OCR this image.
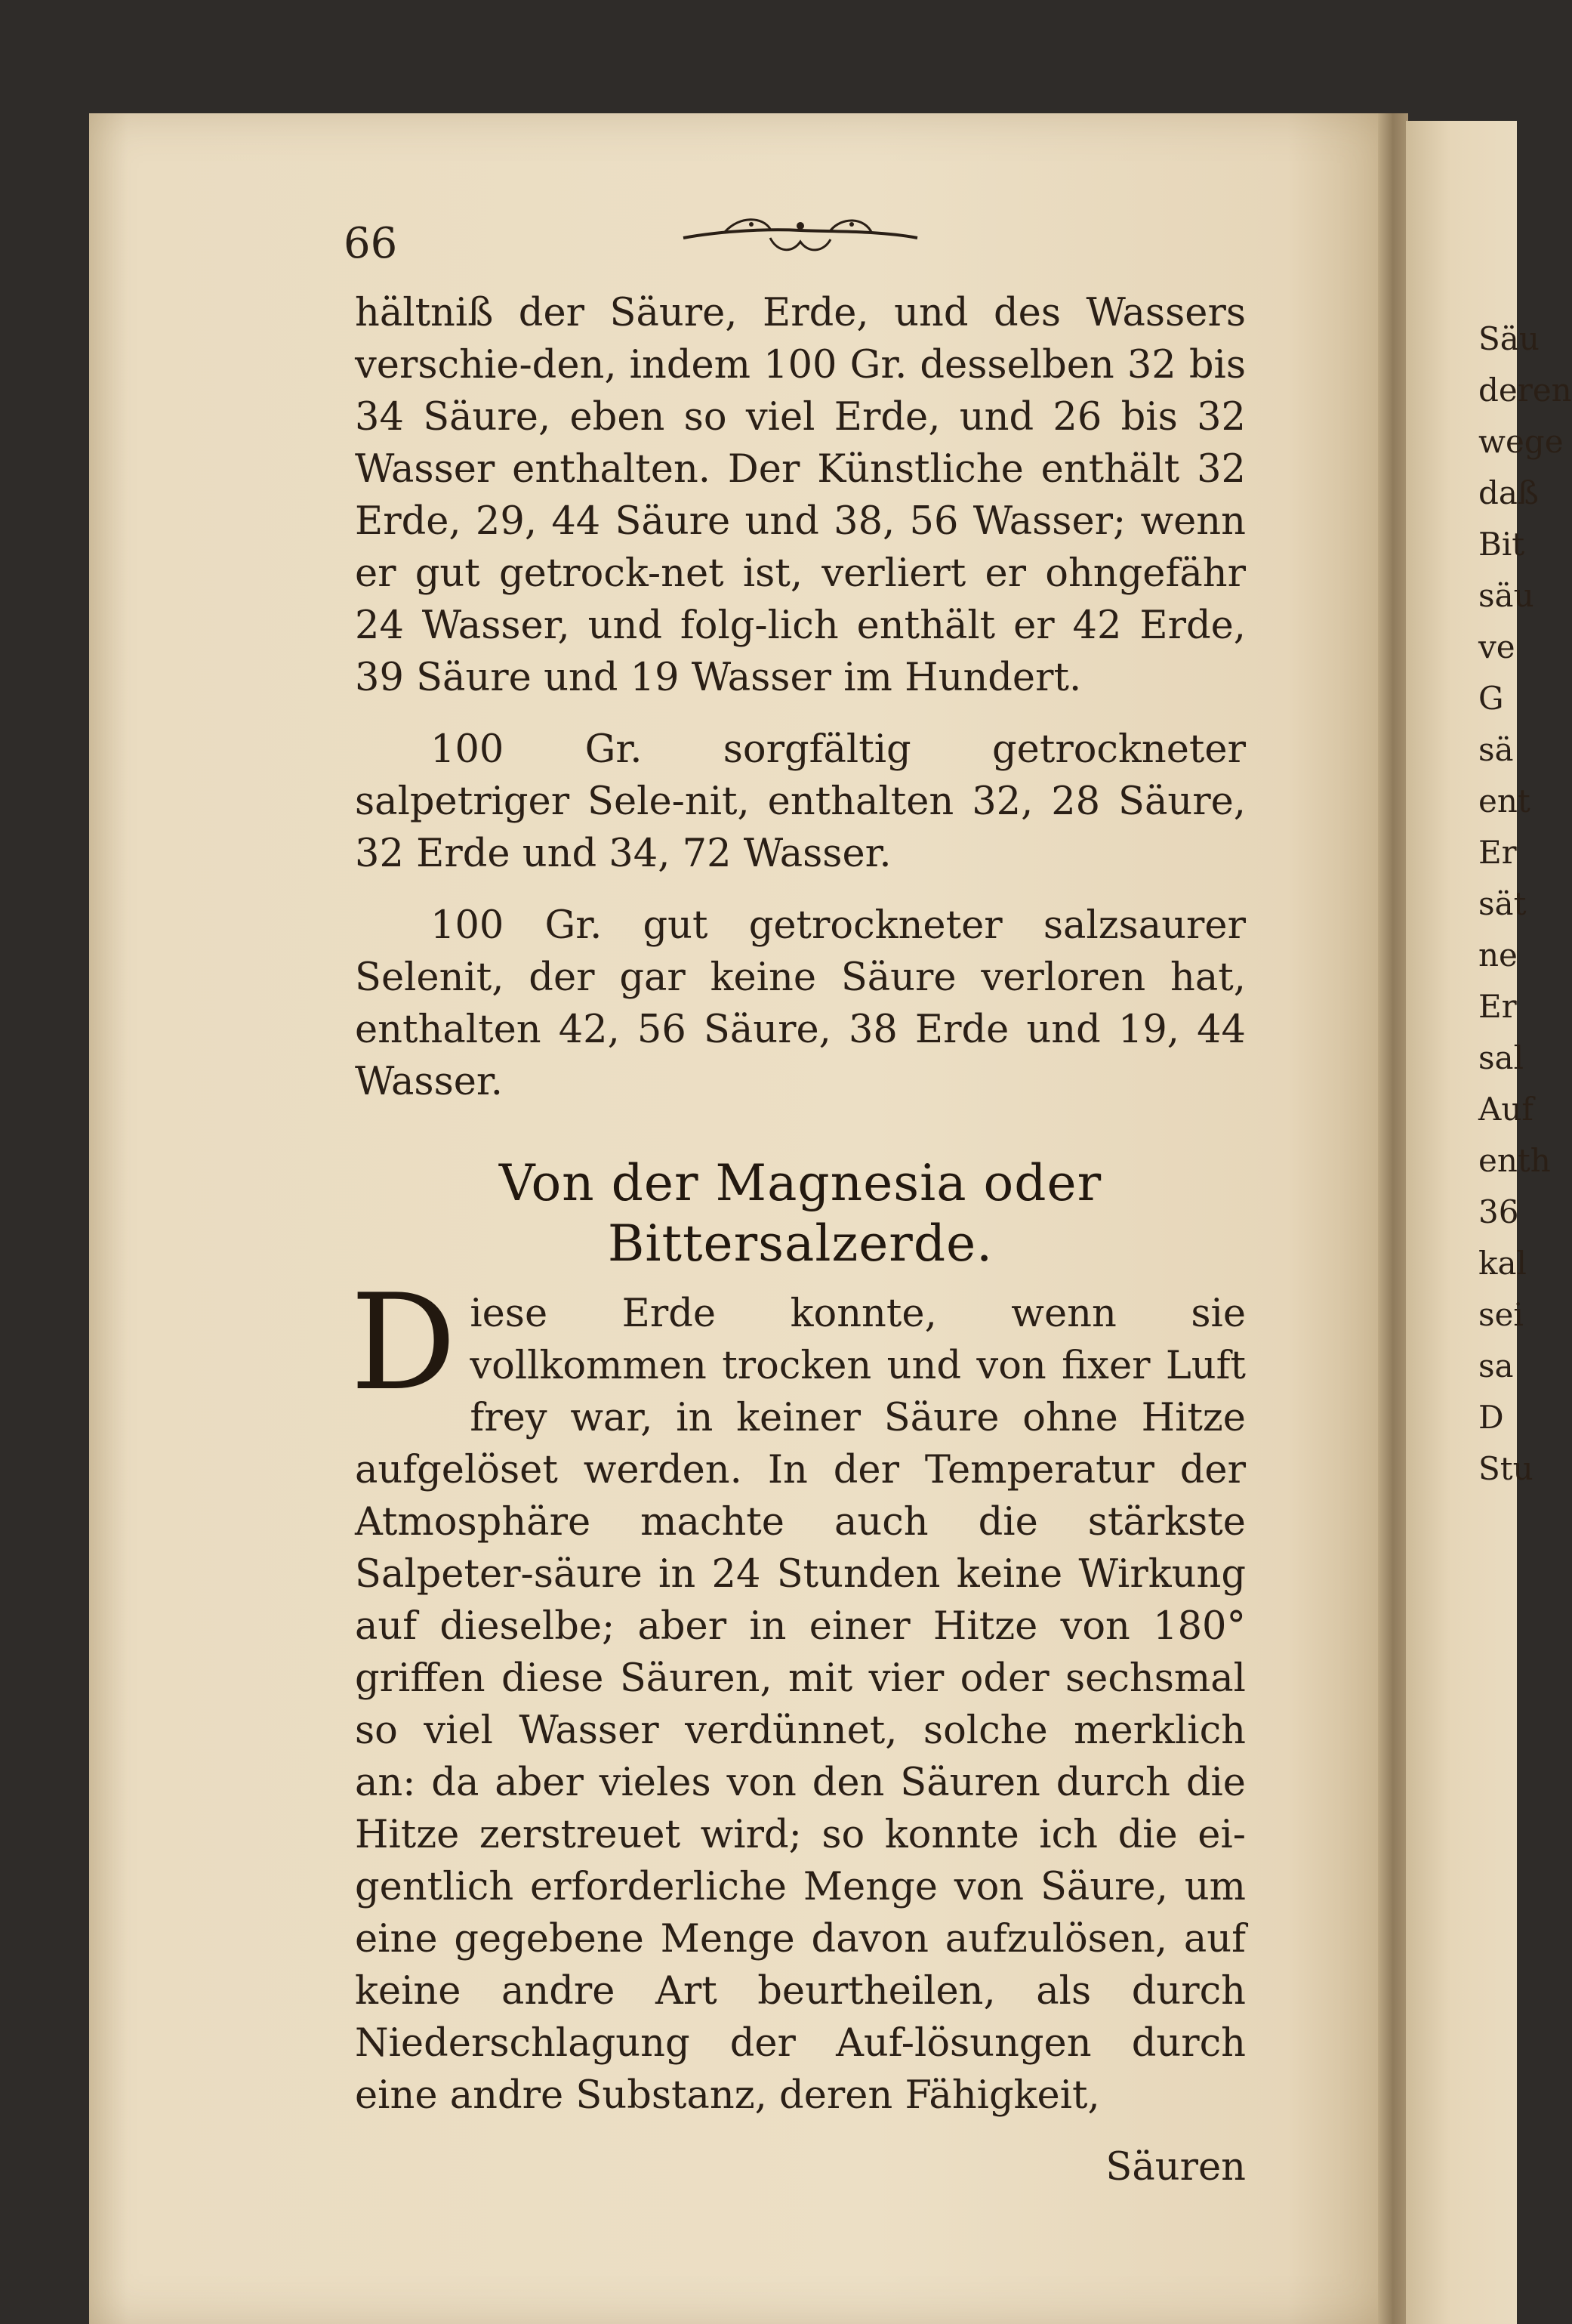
66

hältniß der Säure, Erde, und des Wassers verschie-den, indem 100 Gr. desselben 32 bis 34 Säure, eben so viel Erde, und 26 bis 32 Wasser enthalten. Der Künstliche enthält 32 Erde, 29, 44 Säure und 38, 56 Wasser; wenn er gut getrock-net ist, verliert er ohngefähr 24 Wasser, und folg-lich enthält er 42 Erde, 39 Säure und 19 Wasser im Hundert.

100 Gr. sorgfältig getrockneter salpetriger Sele-nit, enthalten 32, 28 Säure, 32 Erde und 34, 72 Wasser.

100 Gr. gut getrockneter salzsaurer Selenit, der gar keine Säure verloren hat, enthalten 42, 56 Säure, 38 Erde und 19, 44 Wasser.

Von der Magnesia oder Bittersalzerde.

Diese Erde konnte, wenn sie vollkommen trocken und von fixer Luft frey war, in keiner Säure ohne Hitze aufgelöset werden. In der Temperatur der Atmosphäre machte auch die stärkste Salpeter-säure in 24 Stunden keine Wirkung auf dieselbe; aber in einer Hitze von 180° griffen diese Säuren, mit vier oder sechsmal so viel Wasser verdünnet, solche merklich an: da aber vieles von den Säuren durch die Hitze zerstreuet wird; so konnte ich die ei-gentlich erforderliche Menge von Säure, um eine gegebene Menge davon aufzulösen, auf keine andre Art beurtheilen, als durch Niederschlagung der Auf-lösungen durch eine andre Substanz, deren Fähigkeit,

Säuren

Säu
deren
wege
daß
Bit
säu
ve
G
sä
ent
Er
sät
ne
Er
sal
Auf
enth
36
kal
sei
sa
D
Stu
